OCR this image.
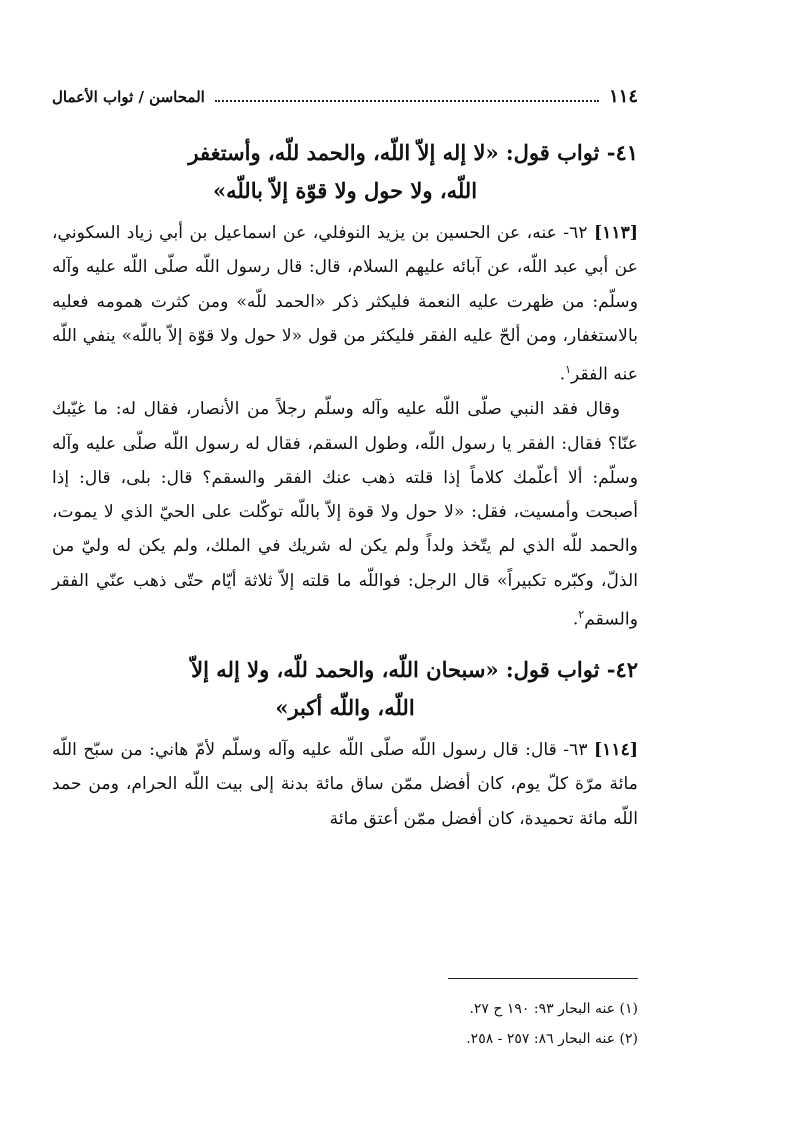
١١٤
المحاسن / ثواب الأعمال
٤١- ثواب قول: «لا إله إلاّ اللّه، والحمد للّه، وأستغفر
اللّه، ولا حول ولا قوّة إلاّ باللّه»

[١١٣] ٦٢- عنه، عن الحسين بن يزيد النوفلي، عن اسماعيل بن أبي زياد السكوني، عن أبي عبد اللّه، عن آبائه عليهم السلام، قال: قال رسول اللّه صلّى اللّه عليه وآله وسلّم: من ظهرت عليه النعمة فليكثر ذكر «الحمد للّه» ومن كثرت همومه فعليه بالاستغفار، ومن ألحّ عليه الفقر فليكثر من قول «لا حول ولا قوّة إلاّ باللّه» ينفي اللّه عنه الفقر$^١$.

وقال فقد النبي صلّى اللّه عليه وآله وسلّم رجلاً من الأنصار، فقال له: ما غيّبك عنّا؟ فقال: الفقر يا رسول اللّه، وطول السقم، فقال له رسول اللّه صلّى عليه وآله وسلّم: ألا أعلّمك كلاماً إذا قلته ذهب عنك الفقر والسقم؟ قال: بلى، قال: إذا أصبحت وأمسيت، فقل: «لا حول ولا قوة إلاّ باللّه توكّلت على الحيّ الذي لا يموت، والحمد للّه الذي لم يتّخذ ولداً ولم يكن له شريك في الملك، ولم يكن له وليّ من الذلّ، وكبّره تكبيراً» قال الرجل: فواللّه ما قلته إلاّ ثلاثة أيّام حتّى ذهب عنّي الفقر والسقم$^٢$.

٤٢- ثواب قول: «سبحان اللّه، والحمد للّه، ولا إله إلاّ
اللّه، واللّه أكبر»

[١١٤] ٦٣- قال: قال رسول اللّه صلّى اللّه عليه وآله وسلّم لأمّ هاني: من سبّح اللّه مائة مرّة كلّ يوم، كان أفضل ممّن ساق مائة بدنة إلى بيت اللّه الحرام، ومن حمد اللّه مائة تحميدة، كان أفضل ممّن أعتق مائة

(١) عنه البحار ٩٣: ١٩٠ ح ٢٧.
(٢) عنه البحار ٨٦: ٢٥٧ - ٢٥٨.
